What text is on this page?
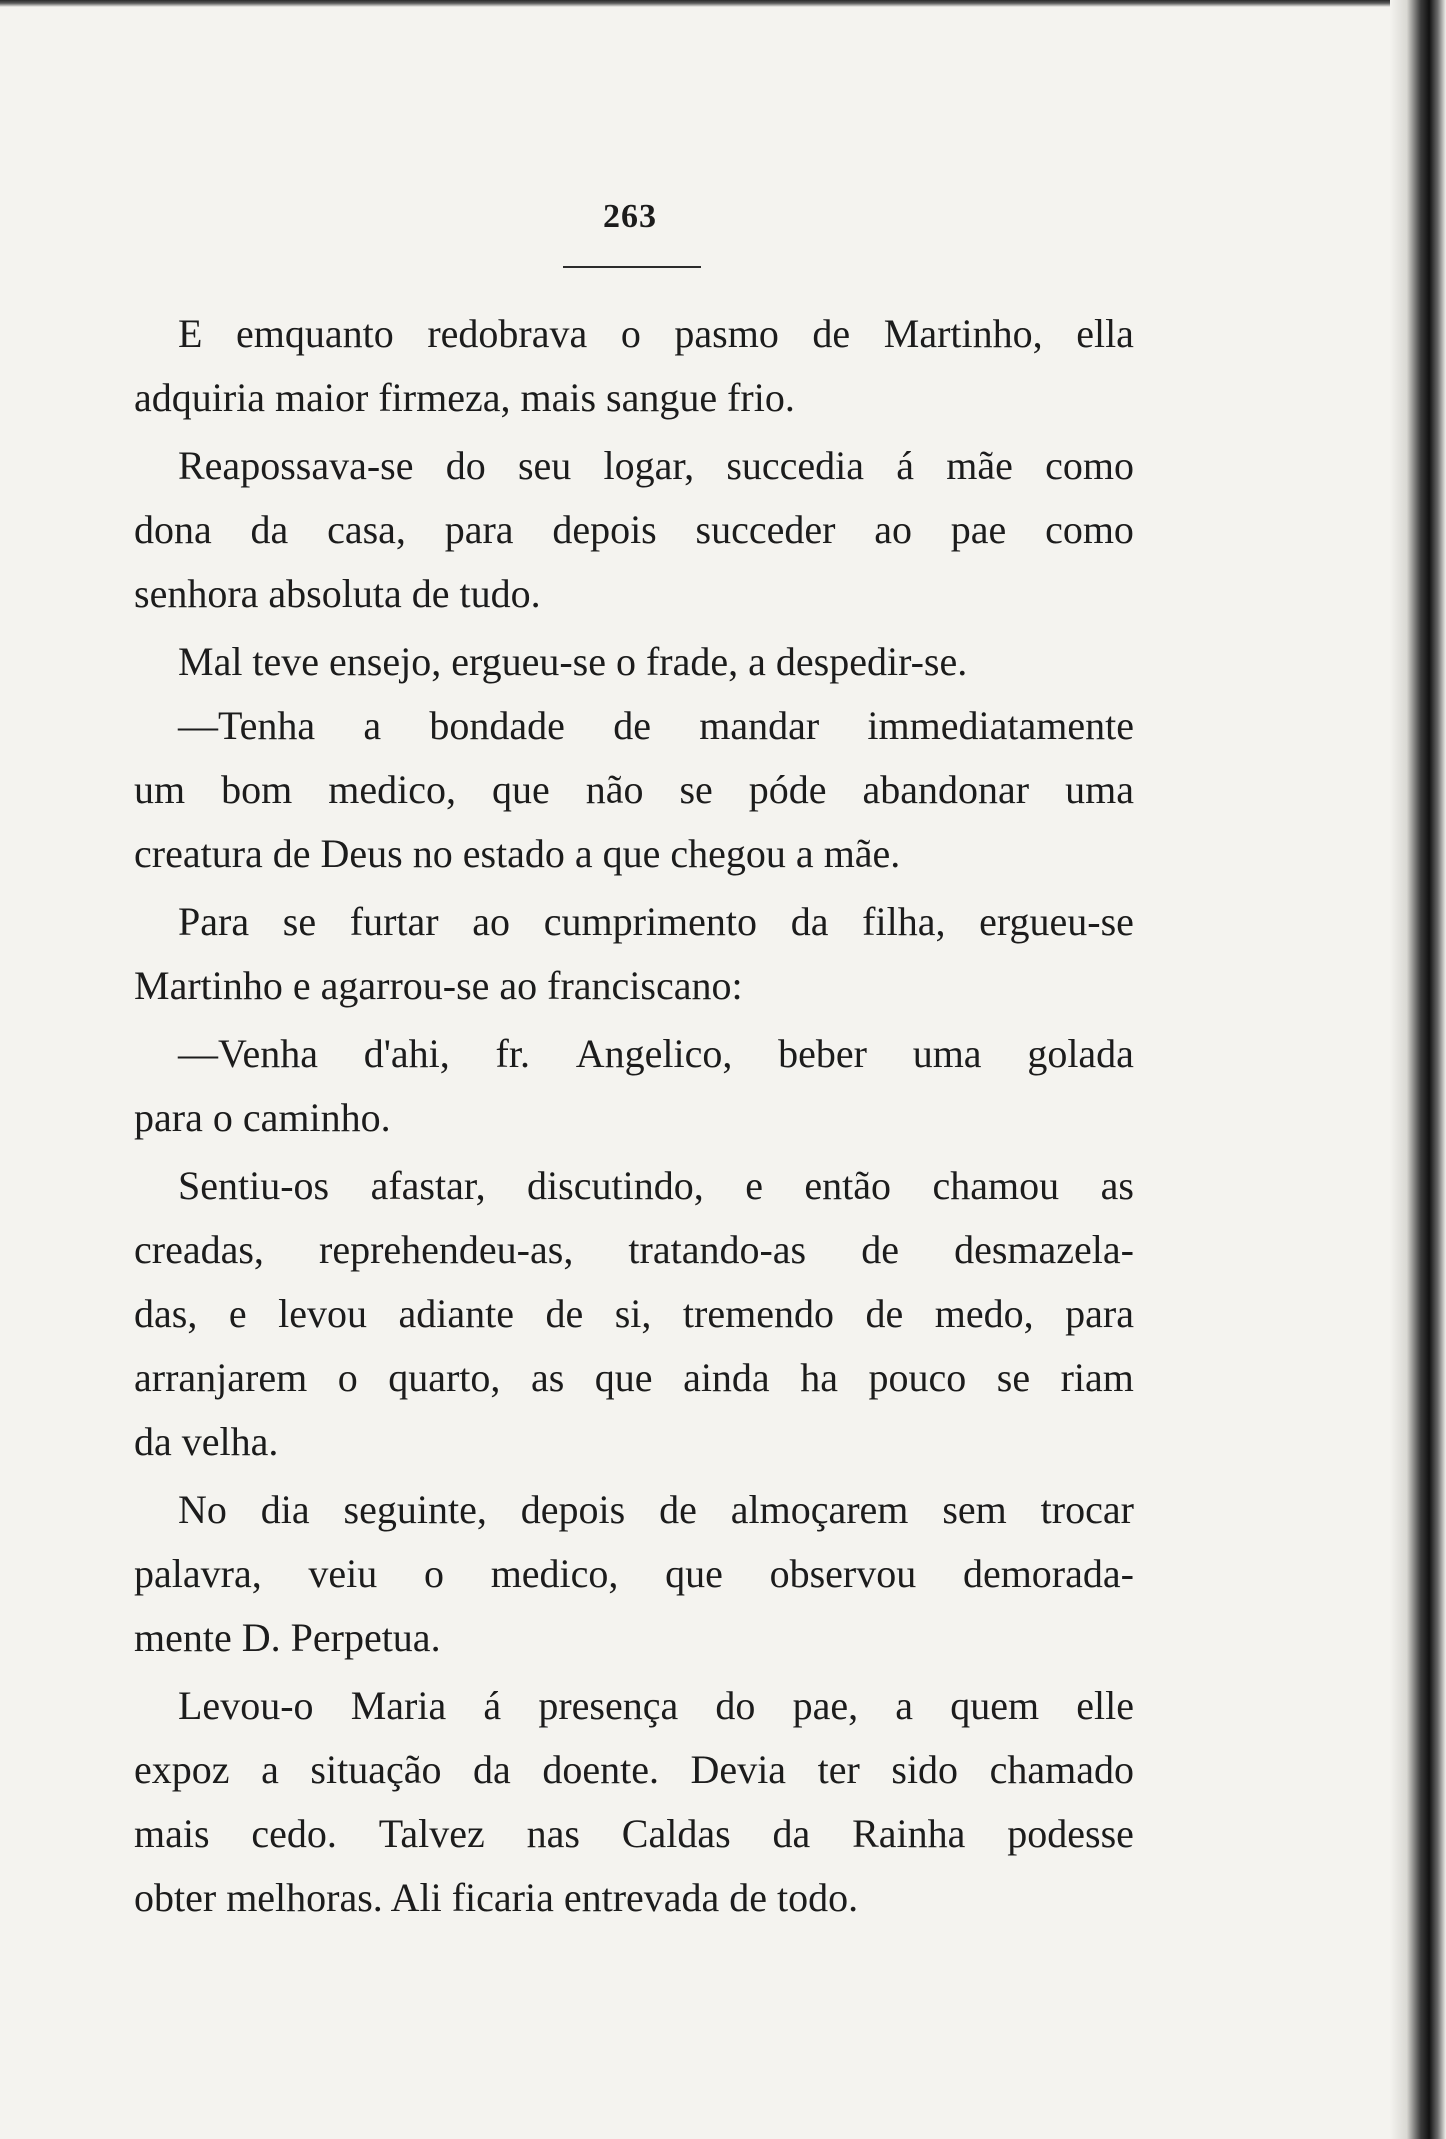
263
E emquanto redobrava o pasmo de Martinho, ella
adquiria maior firmeza, mais sangue frio.
Reapossava-se do seu logar, succedia á mãe como
dona da casa, para depois succeder ao pae como
senhora absoluta de tudo.
Mal teve ensejo, ergueu-se o frade, a despedir-se.
—Tenha a bondade de mandar immediatamente
um bom medico, que não se póde abandonar uma
creatura de Deus no estado a que chegou a mãe.
Para se furtar ao cumprimento da filha, ergueu-se
Martinho e agarrou-se ao franciscano:
—Venha d'ahi, fr. Angelico, beber uma golada
para o caminho.
Sentiu-os afastar, discutindo, e então chamou as
creadas, reprehendeu-as, tratando-as de desmazela-
das, e levou adiante de si, tremendo de medo, para
arranjarem o quarto, as que ainda ha pouco se riam
da velha.
No dia seguinte, depois de almoçarem sem trocar
palavra, veiu o medico, que observou demorada-
mente D. Perpetua.
Levou-o Maria á presença do pae, a quem elle
expoz a situação da doente. Devia ter sido chamado
mais cedo. Talvez nas Caldas da Rainha podesse
obter melhoras. Ali ficaria entrevada de todo.
